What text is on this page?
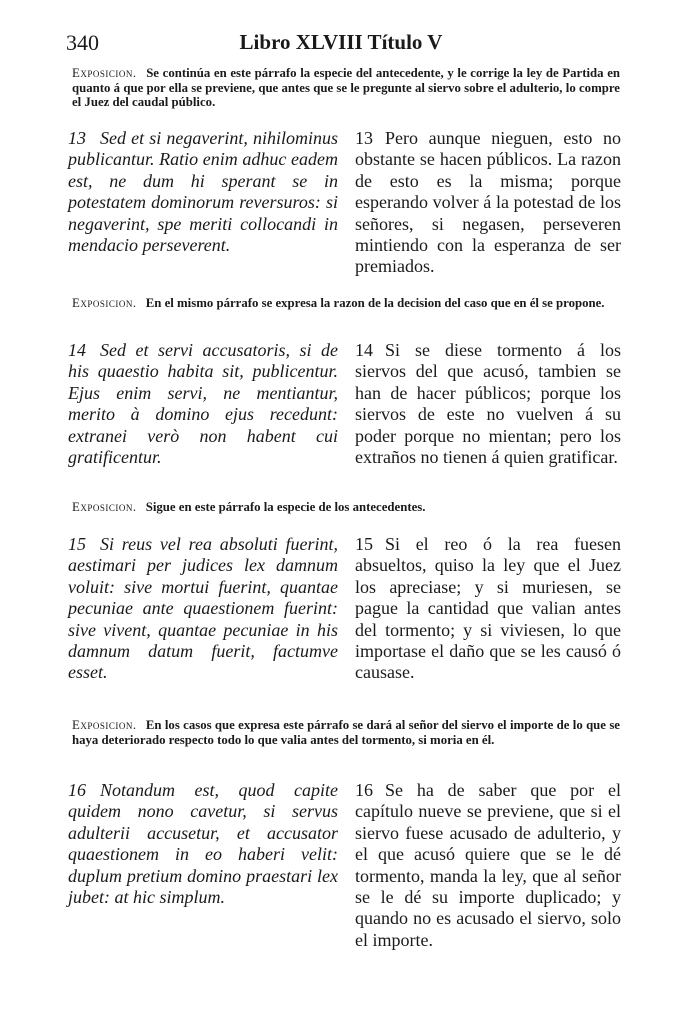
340	Libro XLVIII Título V
Exposicion. Se continúa en este párrafo la especie del antecedente, y le corrige la ley de Partida en quanto á que por ella se previene, que antes que se le pregunte al siervo sobre el adulterio, lo compre el Juez del caudal público.
13 Sed et si negaverint, nihilominus publicantur. Ratio enim adhuc eadem est, ne dum hi sperant se in potestatem dominorum reversuros: si negaverint, spe meriti collocandi in mendacio perseverent.
13 Pero aunque nieguen, esto no obstante se hacen públicos. La razon de esto es la misma; porque esperando volver á la potestad de los señores, si negasen, perseveren mintiendo con la esperanza de ser premiados.
Exposicion. En el mismo párrafo se expresa la razon de la decision del caso que en él se propone.
14 Sed et servi accusatoris, si de his quaestio habita sit, publicentur. Ejus enim servi, ne mentiantur, merito à domino ejus recedunt: extranei verò non habent cui gratificentur.
14 Si se diese tormento á los siervos del que acusó, tambien se han de hacer públicos; porque los siervos de este no vuelven á su poder porque no mientan; pero los extraños no tienen á quien gratificar.
Exposicion. Sigue en este párrafo la especie de los antecedentes.
15 Si reus vel rea absoluti fuerint, aestimari per judices lex damnum voluit: sive mortui fuerint, quantae pecuniae ante quaestionem fuerint: sive vivent, quantae pecuniae in his damnum datum fuerit, factumve esset.
15 Si el reo ó la rea fuesen absueltos, quiso la ley que el Juez los apreciase; y si muriesen, se pague la cantidad que valian antes del tormento; y si viviesen, lo que importase el daño que se les causó ó causase.
Exposicion. En los casos que expresa este párrafo se dará al señor del siervo el importe de lo que se haya deteriorado respecto todo lo que valia antes del tormento, si moria en él.
16 Notandum est, quod capite quidem nono cavetur, si servus adulterii accusetur, et accusator quaestionem in eo haberi velit: duplum pretium domino praestari lex jubet: at hic simplum.
16 Se ha de saber que por el capítulo nueve se previene, que si el siervo fuese acusado de adulterio, y el que acusó quiere que se le dé tormento, manda la ley, que al señor se le dé su importe duplicado; y quando no es acusado el siervo, solo el importe.
